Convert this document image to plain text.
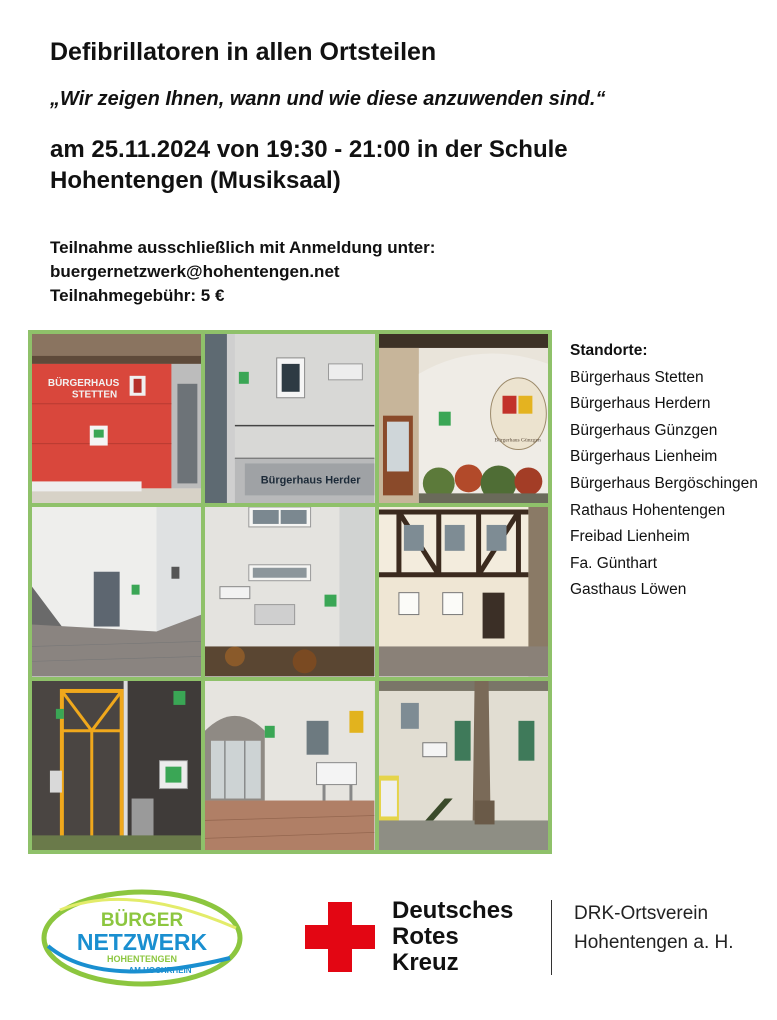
Defibrillatoren in allen Ortsteilen
„Wir zeigen Ihnen, wann und wie diese anzuwenden sind.“
am 25.11.2024 von 19:30 - 21:00 in der Schule
Hohentengen (Musiksaal)
Teilnahme ausschließlich mit Anmeldung unter:
buergernetzwerk@hohentengen.net
Teilnahmegebühr: 5 €
BÜRGERHAUS
STETTEN
Bürgerhaus Herder
Bürgerhaus Günzgen
Standorte:
Bürgerhaus Stetten
Bürgerhaus Herdern
Bürgerhaus Günzgen
Bürgerhaus Lienheim
Bürgerhaus Bergöschingen
Rathaus Hohentengen
Freibad Lienheim
Fa. Günthart
Gasthaus Löwen
BÜRGER
NETZWERK
HOHENTENGEN
AM HOCHRHEIN
Deutsches
Rotes
Kreuz
DRK-Ortsverein
Hohentengen a. H.
